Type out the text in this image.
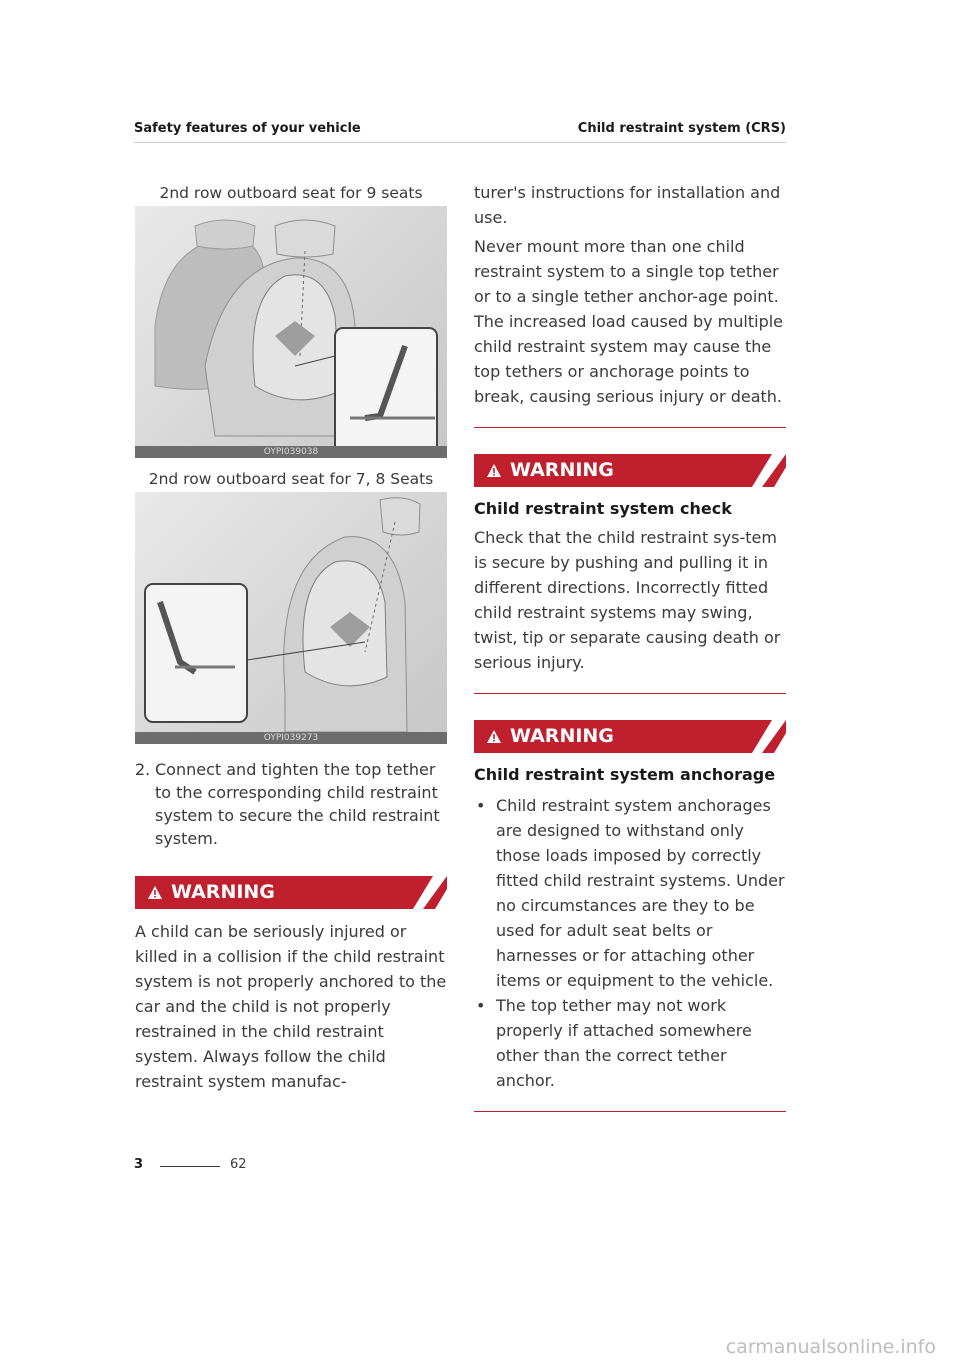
Safety features of your vehicle	Child restraint system (CRS)
2nd row outboard seat for 9 seats
OYPI039038
2nd row outboard seat for 7, 8 Seats
OYPI039273
2. Connect and tighten the top tether to the corresponding child restraint system to secure the child restraint system.
WARNING

A child can be seriously injured or killed in a collision if the child restraint system is not properly anchored to the car and the child is not properly restrained in the child restraint system. Always follow the child restraint system manufac-

turer's instructions for installation and use.

Never mount more than one child restraint system to a single top tether or to a single tether anchor-age point. The increased load caused by multiple child restraint system may cause the top tethers or anchorage points to break, causing serious injury or death.

WARNING
Child restraint system check

Check that the child restraint sys-tem is secure by pushing and pulling it in different directions. Incorrectly fitted child restraint systems may swing, twist, tip or separate causing death or serious injury.

WARNING
Child restraint system anchorage
• Child restraint system anchorages are designed to withstand only those loads imposed by correctly fitted child restraint systems. Under no circumstances are they to be used for adult seat belts or harnesses or for attaching other items or equipment to the vehicle.
• The top tether may not work properly if attached somewhere other than the correct tether anchor.
3	62
carmanualsonline.info
